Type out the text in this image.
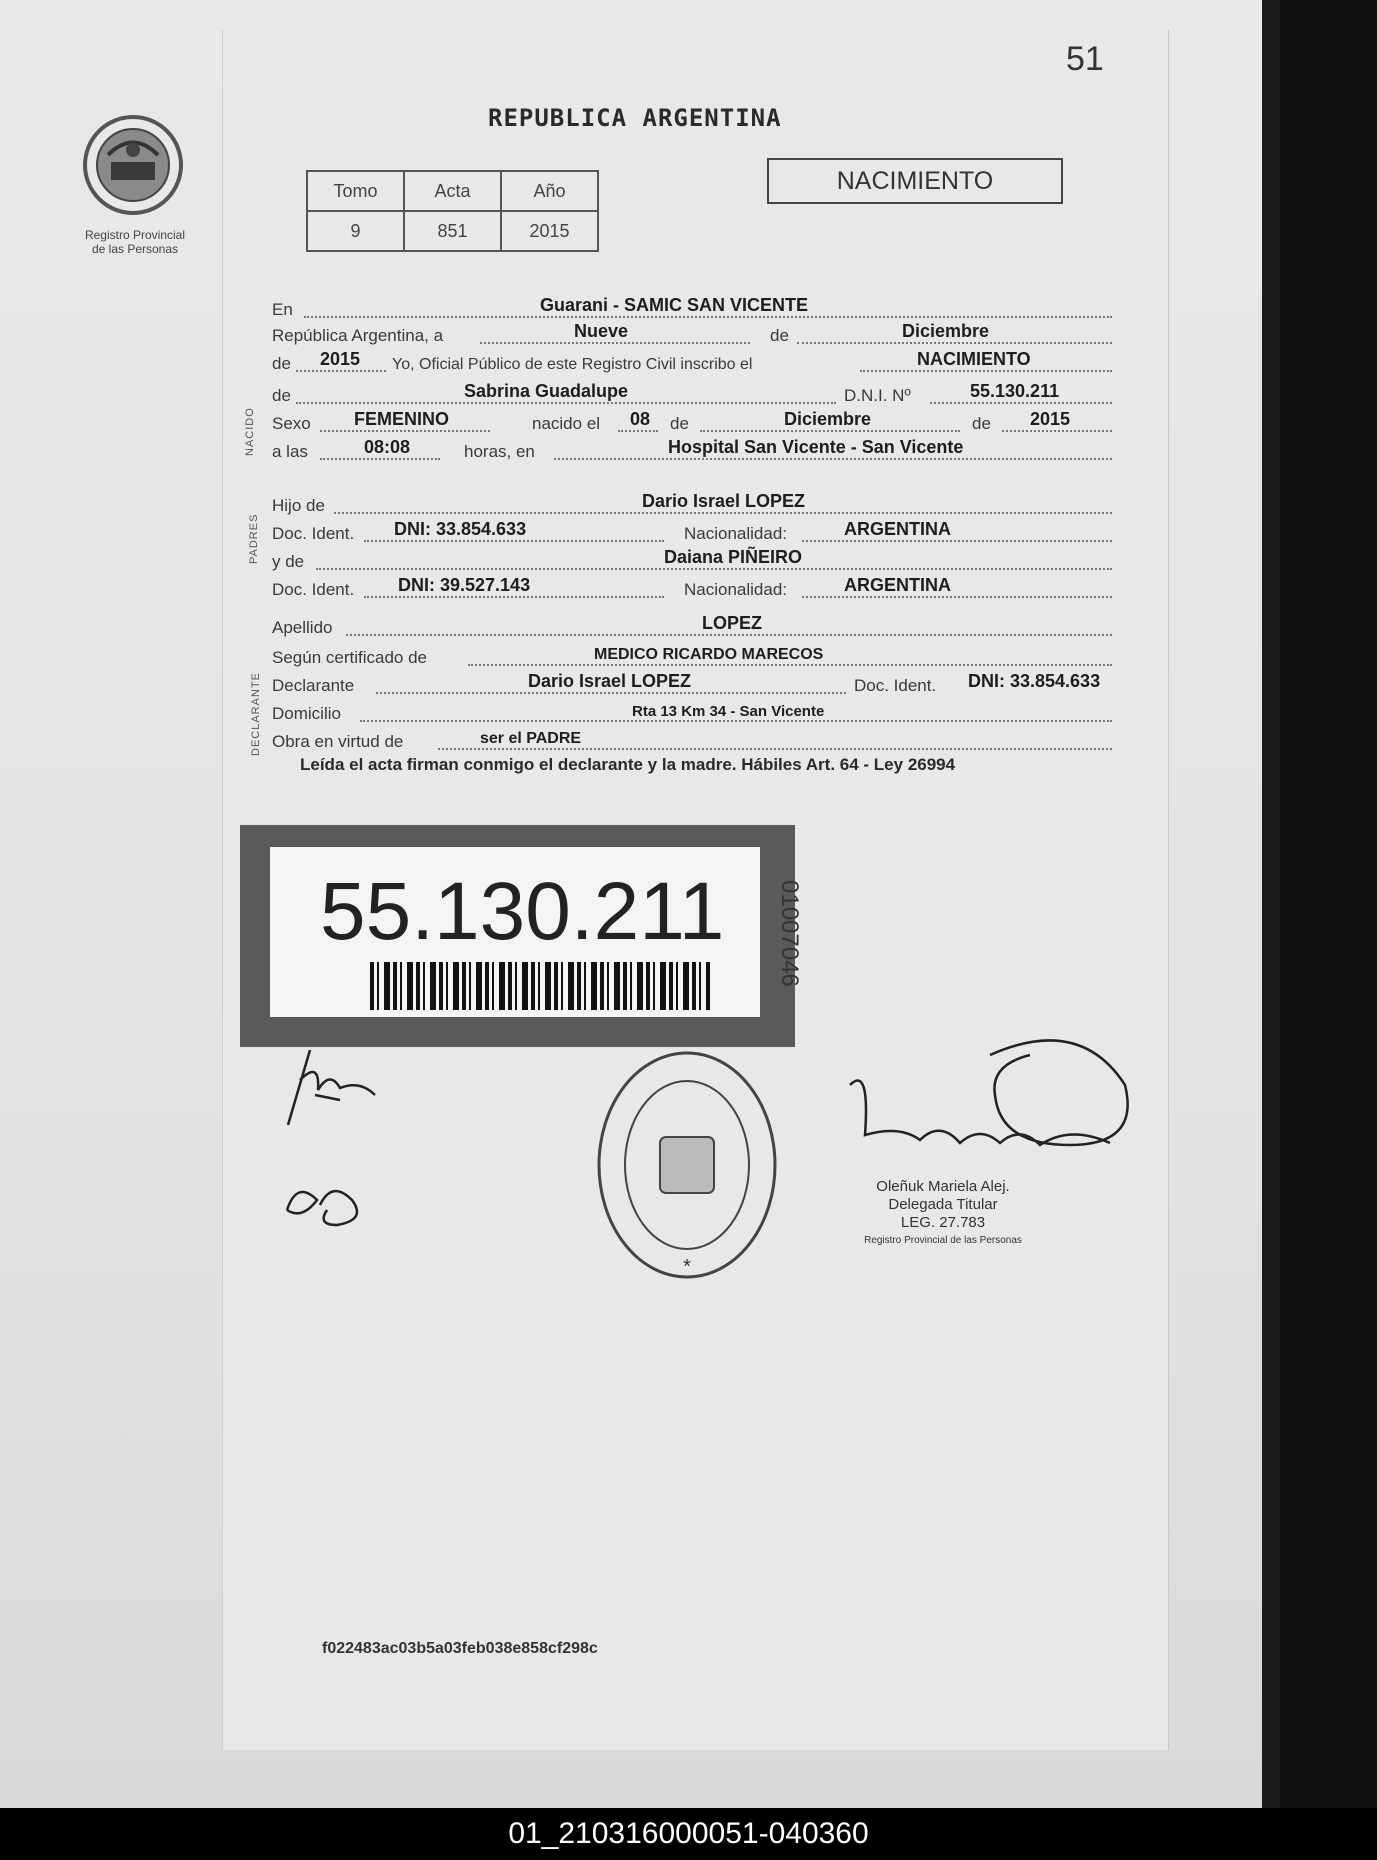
51
REPUBLICA ARGENTINA
Registro Provincial
de las Personas
Tomo	Acta	Año
9	851	2015
NACIMIENTO
En	Guarani - SAMIC SAN VICENTE
República Argentina, a	Nueve	de	Diciembre
de 2015 Yo, Oficial Público de este Registro Civil inscribo el	NACIMIENTO
de	Sabrina Guadalupe	D.N.I. Nº	55.130.211
Sexo FEMENINO	nacido el 08 de	Diciembre	de 2015
a las	08:08	horas, en	Hospital San Vicente - San Vicente
NACIDO
Hijo de	Dario Israel LOPEZ
Doc. Ident. DNI: 33.854.633	Nacionalidad:	ARGENTINA
y de	Daiana PIÑEIRO
Doc. Ident. DNI: 39.527.143	Nacionalidad:	ARGENTINA
PADRES
Apellido	LOPEZ
Según certificado de	MEDICO RICARDO MARECOS
Declarante	Dario Israel LOPEZ	Doc. Ident. DNI: 33.854.633
Domicilio	Rta 13 Km 34 - San Vicente
Obra en virtud de	ser el PADRE
DECLARANTE
Leída el acta firman conmigo el declarante y la madre. Hábiles Art. 64 - Ley 26994
55.130.211 01007046
*
Oleñuk Mariela Alej.
Delegada Titular
LEG. 27.783
Registro Provincial de las Personas
f022483ac03b5a03feb038e858cf298c
01_210316000051-040360
